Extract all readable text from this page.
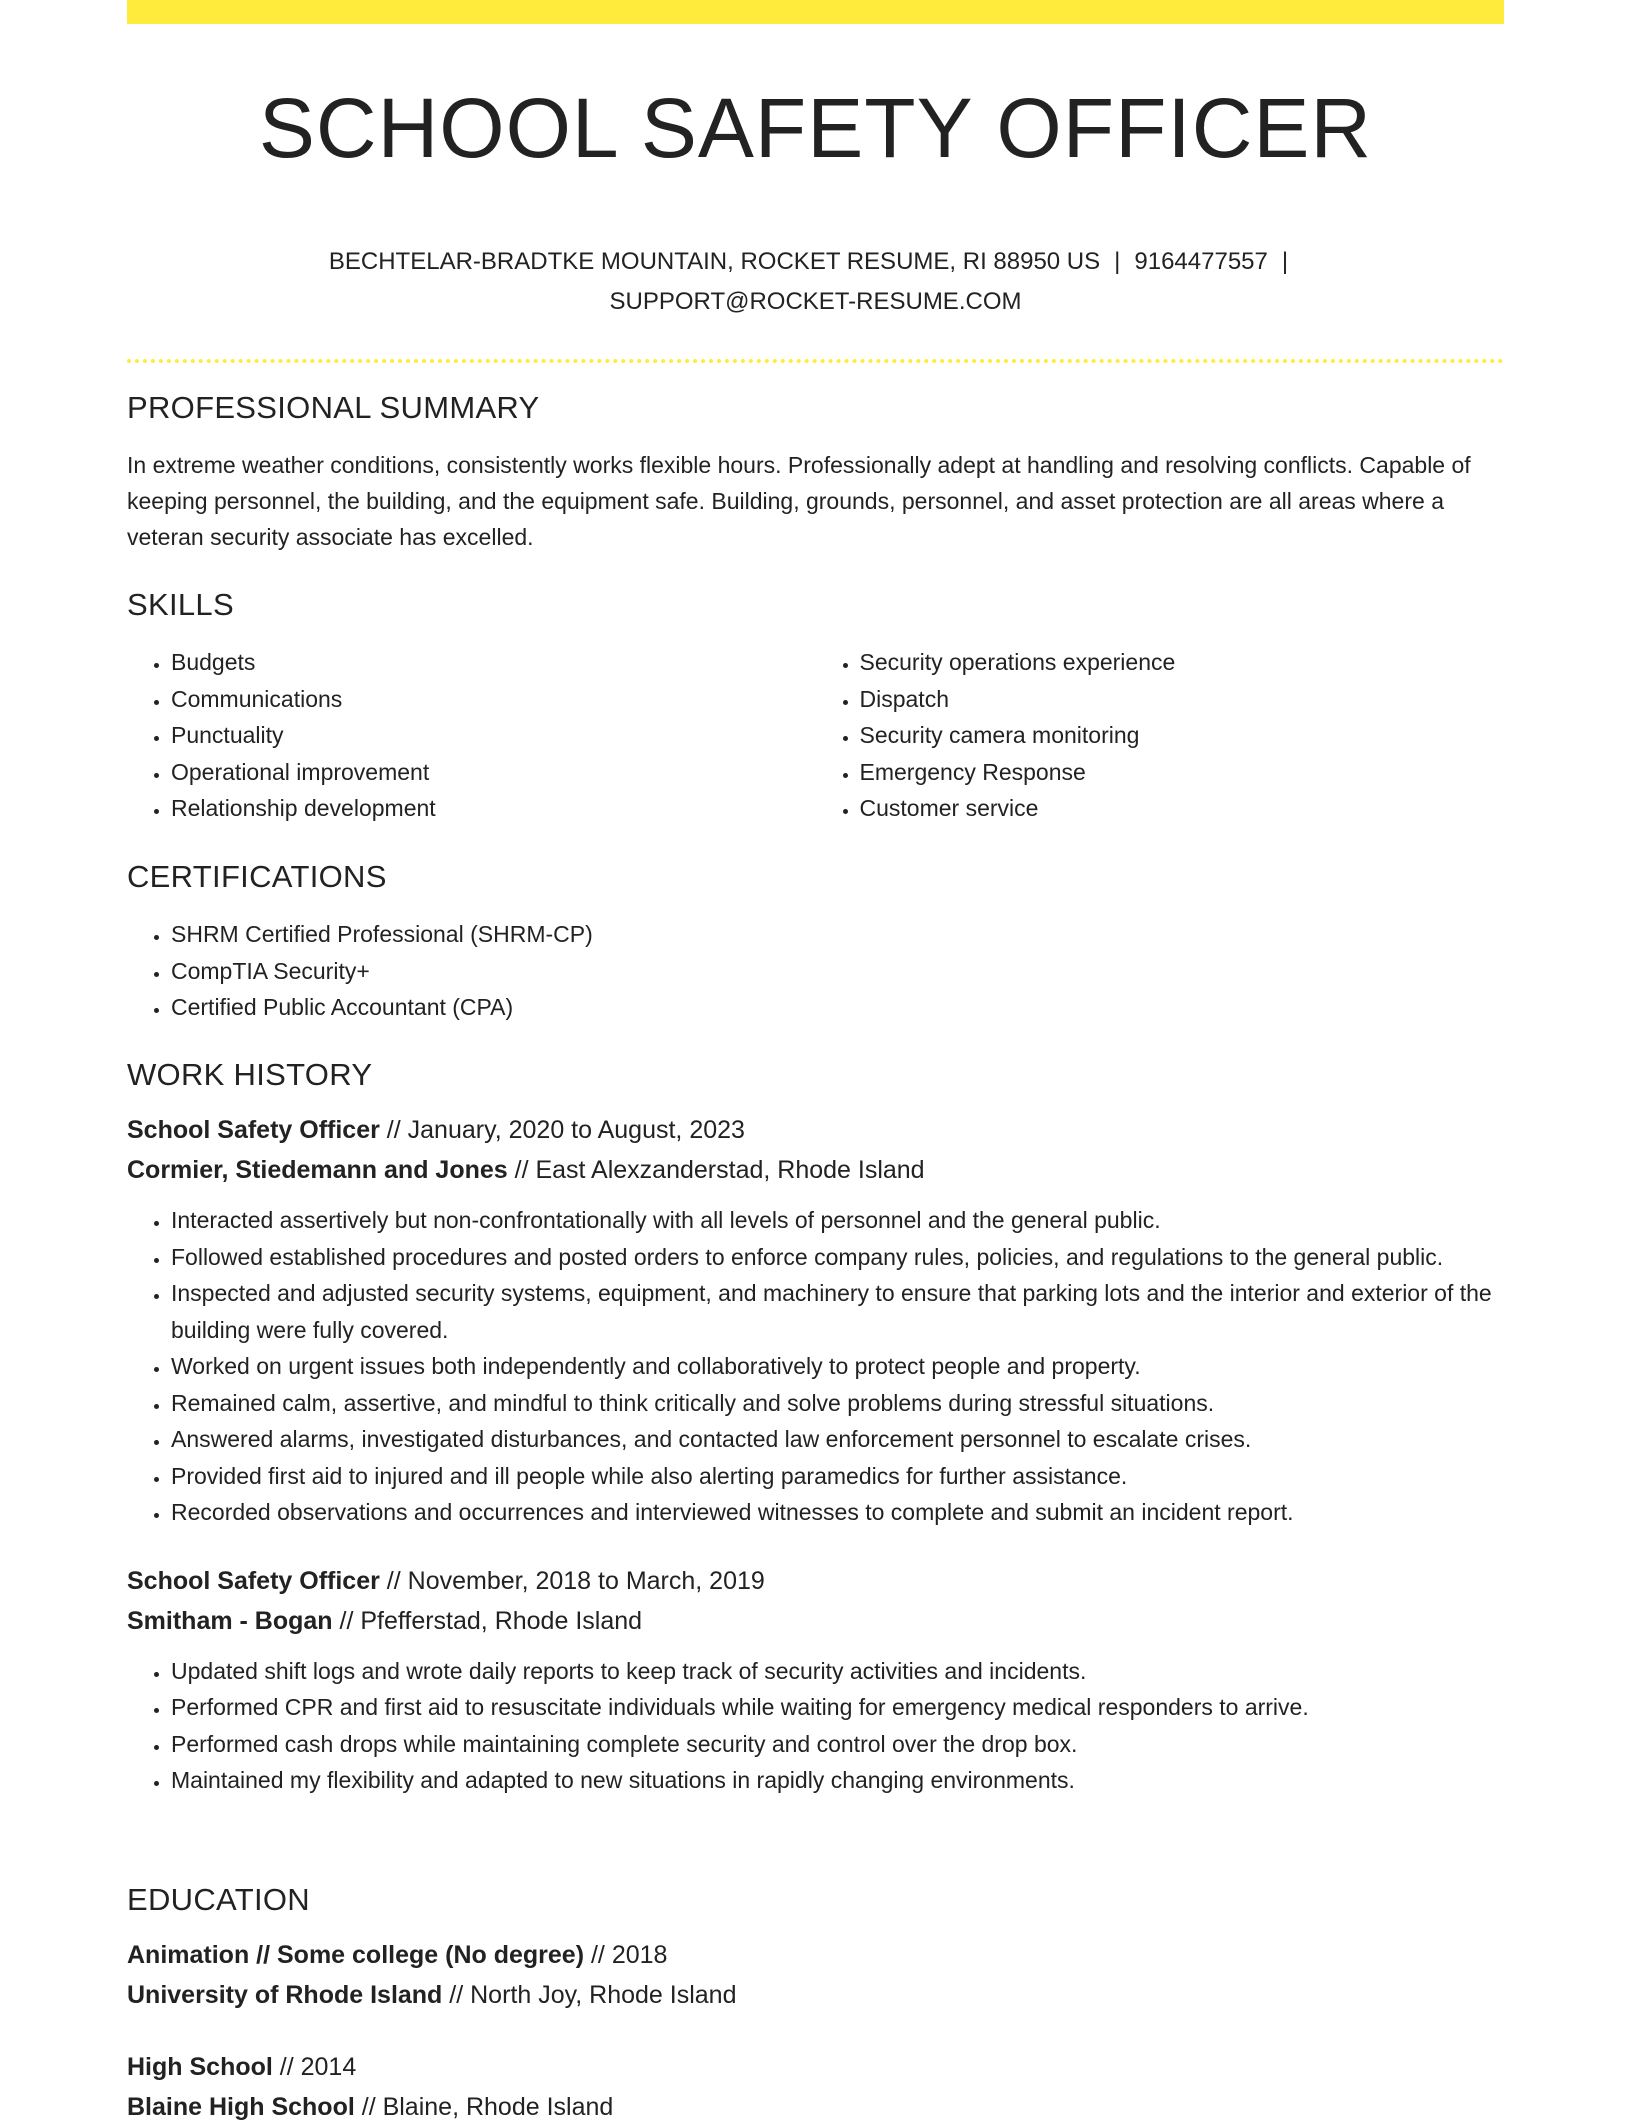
SCHOOL SAFETY OFFICER
BECHTELAR-BRADTKE MOUNTAIN, ROCKET RESUME, RI 88950 US | 9164477557 |
SUPPORT@ROCKET-RESUME.COM
PROFESSIONAL SUMMARY

In extreme weather conditions, consistently works flexible hours. Professionally adept at handling and resolving conflicts. Capable of keeping personnel, the building, and the equipment safe. Building, grounds, personnel, and asset protection are all areas where a veteran security associate has excelled.

SKILLS
• Budgets
• Communications
• Punctuality
• Operational improvement
• Relationship development
• Security operations experience
• Dispatch
• Security camera monitoring
• Emergency Response
• Customer service
CERTIFICATIONS
• SHRM Certified Professional (SHRM-CP)
• CompTIA Security+
• Certified Public Accountant (CPA)
WORK HISTORY
School Safety Officer // January, 2020 to August, 2023
Cormier, Stiedemann and Jones // East Alexzanderstad, Rhode Island
• Interacted assertively but non-confrontationally with all levels of personnel and the general public.
• Followed established procedures and posted orders to enforce company rules, policies, and regulations to the general public.
• Inspected and adjusted security systems, equipment, and machinery to ensure that parking lots and the interior and exterior of the building were fully covered.
• Worked on urgent issues both independently and collaboratively to protect people and property.
• Remained calm, assertive, and mindful to think critically and solve problems during stressful situations.
• Answered alarms, investigated disturbances, and contacted law enforcement personnel to escalate crises.
• Provided first aid to injured and ill people while also alerting paramedics for further assistance.
• Recorded observations and occurrences and interviewed witnesses to complete and submit an incident report.
School Safety Officer // November, 2018 to March, 2019
Smitham - Bogan // Pfefferstad, Rhode Island
• Updated shift logs and wrote daily reports to keep track of security activities and incidents.
• Performed CPR and first aid to resuscitate individuals while waiting for emergency medical responders to arrive.
• Performed cash drops while maintaining complete security and control over the drop box.
• Maintained my flexibility and adapted to new situations in rapidly changing environments.
EDUCATION
Animation // Some college (No degree) // 2018
University of Rhode Island // North Joy, Rhode Island
High School // 2014
Blaine High School // Blaine, Rhode Island
